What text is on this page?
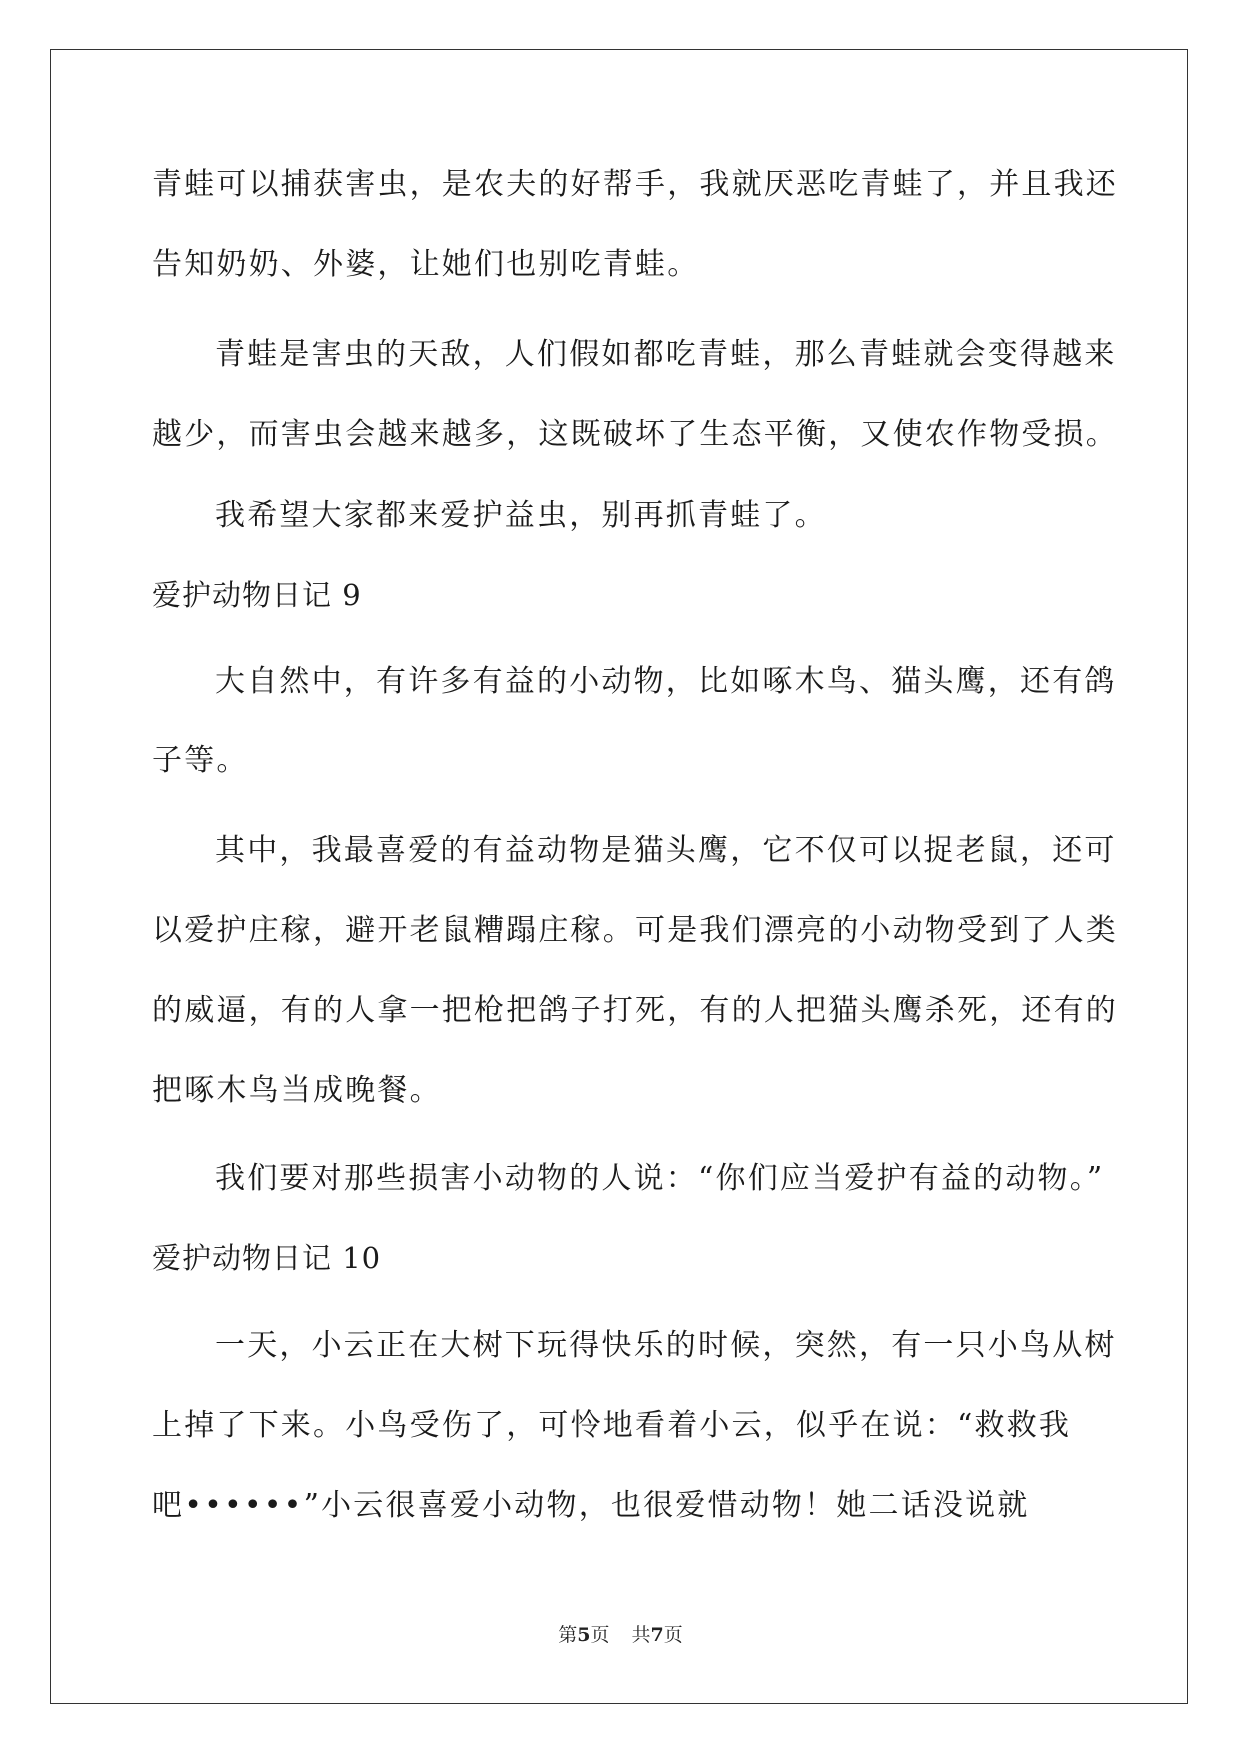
青蛙可以捕获害虫，是农夫的好帮手，我就厌恶吃青蛙了，并且我还
告知奶奶、外婆，让她们也别吃青蛙。
青蛙是害虫的天敌，人们假如都吃青蛙，那么青蛙就会变得越来
越少，而害虫会越来越多，这既破坏了生态平衡，又使农作物受损。
我希望大家都来爱护益虫，别再抓青蛙了。
爱护动物日记 9
大自然中，有许多有益的小动物，比如啄木鸟、猫头鹰，还有鸽
子等。
其中，我最喜爱的有益动物是猫头鹰，它不仅可以捉老鼠，还可
以爱护庄稼，避开老鼠糟蹋庄稼。可是我们漂亮的小动物受到了人类
的威逼，有的人拿一把枪把鸽子打死，有的人把猫头鹰杀死，还有的
把啄木鸟当成晚餐。
我们要对那些损害小动物的人说：“你们应当爱护有益的动物。”
爱护动物日记 10
一天，小云正在大树下玩得快乐的时候，突然，有一只小鸟从树
上掉了下来。小鸟受伤了，可怜地看着小云，似乎在说：“救救我
吧••••••”小云很喜爱小动物，也很爱惜动物！她二话没说就
第5页 共7页
